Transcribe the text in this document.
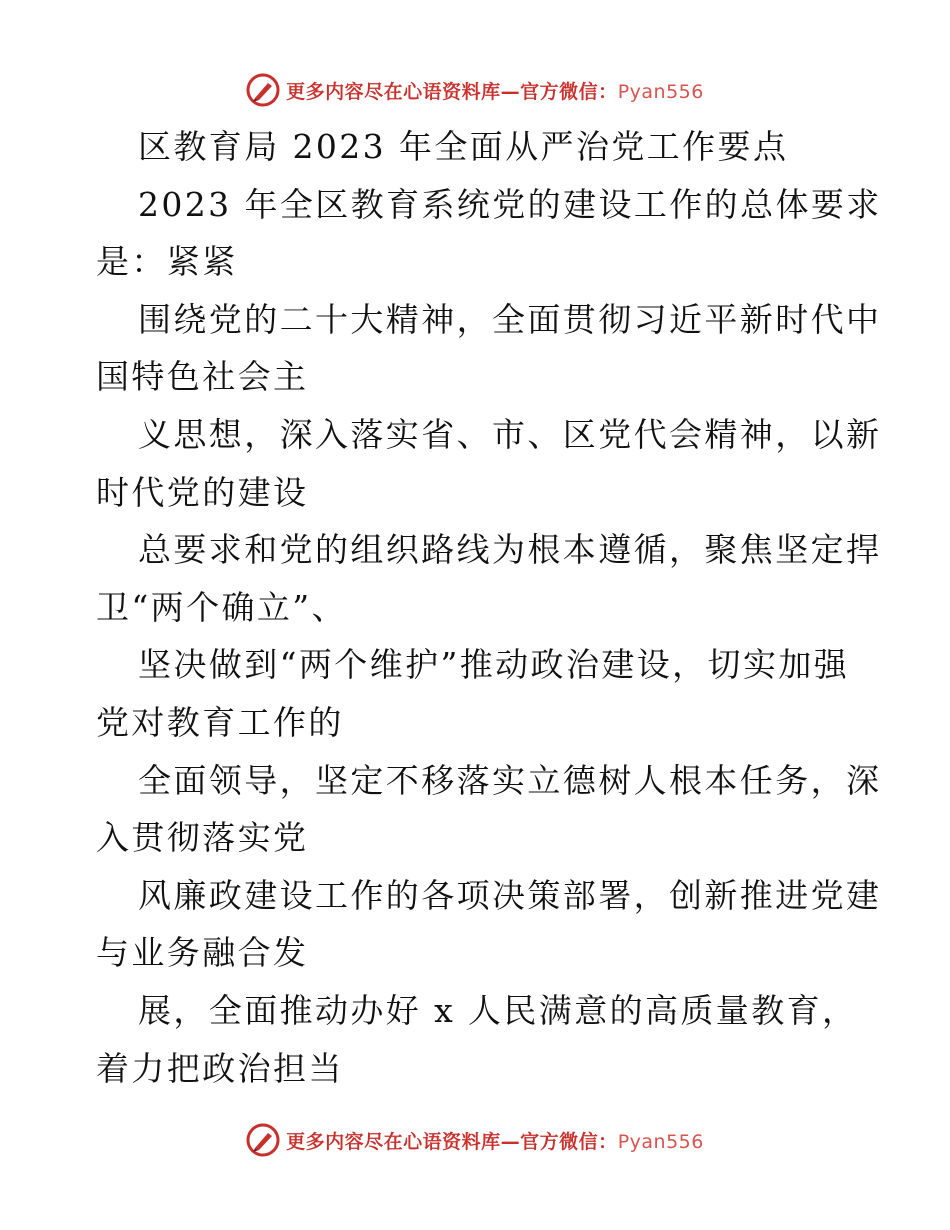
更多内容尽在心语资料库—官方微信：Pyan556
区教育局 2023 年全面从严治党工作要点
2023 年全区教育系统党的建设工作的总体要求
是：紧紧
围绕党的二十大精神，全面贯彻习近平新时代中
国特色社会主
义思想，深入落实省、市、区党代会精神，以新
时代党的建设
总要求和党的组织路线为根本遵循，聚焦坚定捍
卫“两个确立”、
坚决做到“两个维护”推动政治建设，切实加强
党对教育工作的
全面领导，坚定不移落实立德树人根本任务，深
入贯彻落实党
风廉政建设工作的各项决策部署，创新推进党建
与业务融合发
展，全面推动办好 x 人民满意的高质量教育，
着力把政治担当
更多内容尽在心语资料库—官方微信：Pyan556
